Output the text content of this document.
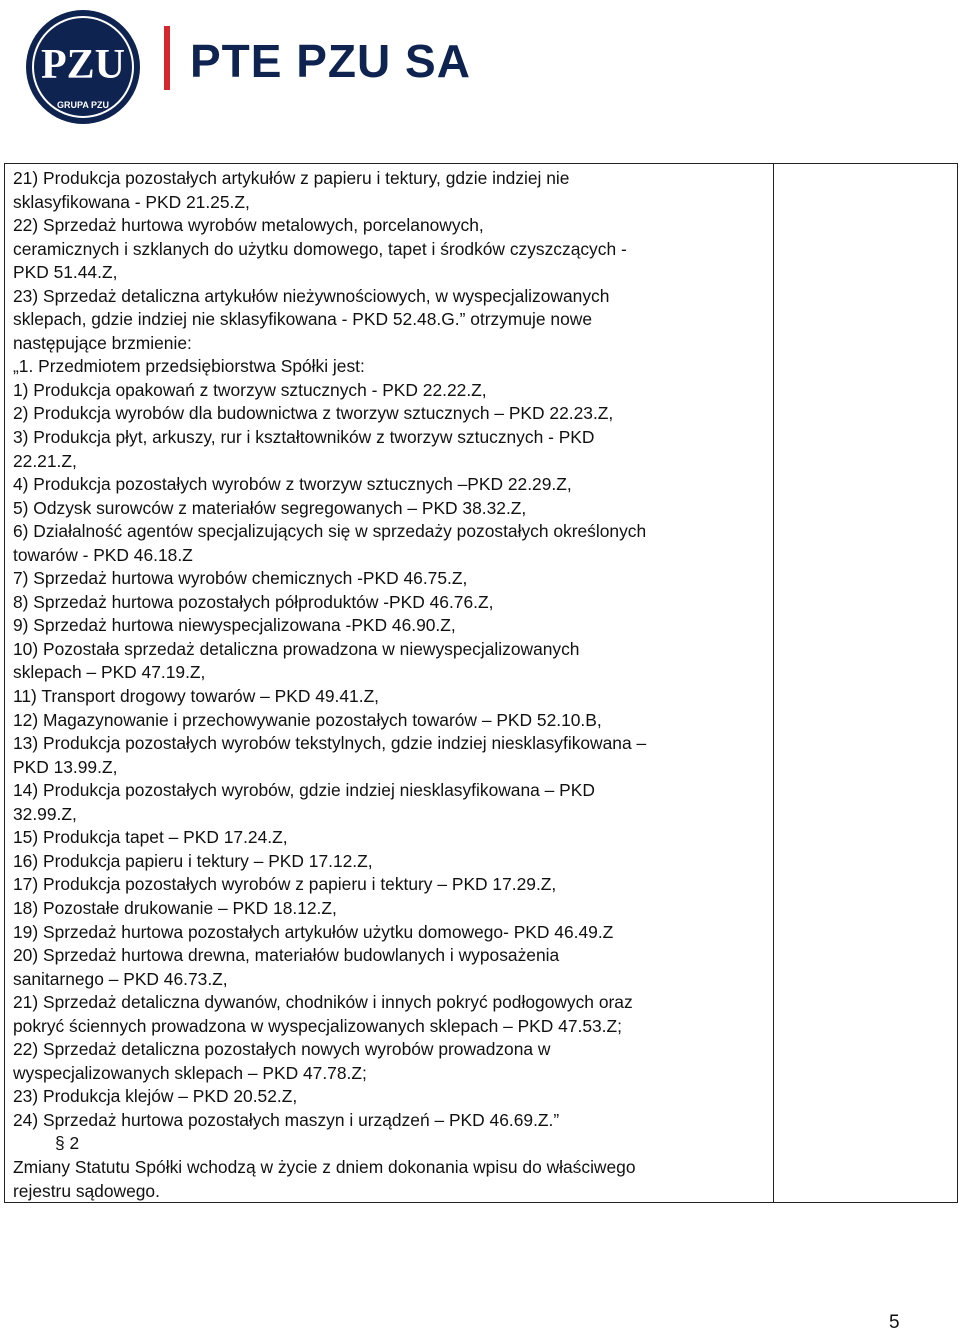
PZU
GRUPA PZU
PTE PZU SA
21) Produkcja pozostałych artykułów z papieru i tektury, gdzie indziej nie
sklasyfikowana - PKD 21.25.Z,
22) Sprzedaż hurtowa wyrobów metalowych, porcelanowych,
ceramicznych i szklanych do użytku domowego, tapet i środków czyszczących -
PKD 51.44.Z,
23) Sprzedaż detaliczna artykułów nieżywnościowych, w wyspecjalizowanych
sklepach, gdzie indziej nie sklasyfikowana - PKD 52.48.G.” otrzymuje nowe
następujące brzmienie:
„1. Przedmiotem przedsiębiorstwa Spółki jest:
1) Produkcja opakowań z tworzyw sztucznych - PKD 22.22.Z,
2) Produkcja wyrobów dla budownictwa z tworzyw sztucznych – PKD 22.23.Z,
3) Produkcja płyt, arkuszy, rur i kształtowników z tworzyw sztucznych - PKD
22.21.Z,
4) Produkcja pozostałych wyrobów z tworzyw sztucznych –PKD 22.29.Z,
5) Odzysk surowców z materiałów segregowanych – PKD 38.32.Z,
6) Działalność agentów specjalizujących się w sprzedaży pozostałych określonych
towarów - PKD 46.18.Z
7) Sprzedaż hurtowa wyrobów chemicznych -PKD 46.75.Z,
8) Sprzedaż hurtowa pozostałych półproduktów -PKD 46.76.Z,
9) Sprzedaż hurtowa niewyspecjalizowana -PKD 46.90.Z,
10) Pozostała sprzedaż detaliczna prowadzona w niewyspecjalizowanych
sklepach – PKD 47.19.Z,
11) Transport drogowy towarów – PKD 49.41.Z,
12) Magazynowanie i przechowywanie pozostałych towarów – PKD 52.10.B,
13) Produkcja pozostałych wyrobów tekstylnych, gdzie indziej niesklasyfikowana –
PKD 13.99.Z,
14) Produkcja pozostałych wyrobów, gdzie indziej niesklasyfikowana – PKD
32.99.Z,
15) Produkcja tapet – PKD 17.24.Z,
16) Produkcja papieru i tektury – PKD 17.12.Z,
17) Produkcja pozostałych wyrobów z papieru i tektury – PKD 17.29.Z,
18) Pozostałe drukowanie – PKD 18.12.Z,
19) Sprzedaż hurtowa pozostałych artykułów użytku domowego- PKD 46.49.Z
20) Sprzedaż hurtowa drewna, materiałów budowlanych i wyposażenia
sanitarnego – PKD 46.73.Z,
21) Sprzedaż detaliczna dywanów, chodników i innych pokryć podłogowych oraz
pokryć ściennych prowadzona w wyspecjalizowanych sklepach – PKD 47.53.Z;
22) Sprzedaż detaliczna pozostałych nowych wyrobów prowadzona w
wyspecjalizowanych sklepach – PKD 47.78.Z;
23) Produkcja klejów – PKD 20.52.Z,
24) Sprzedaż hurtowa pozostałych maszyn i urządzeń – PKD 46.69.Z.”
§ 2
Zmiany Statutu Spółki wchodzą w życie z dniem dokonania wpisu do właściwego
rejestru sądowego.
5
